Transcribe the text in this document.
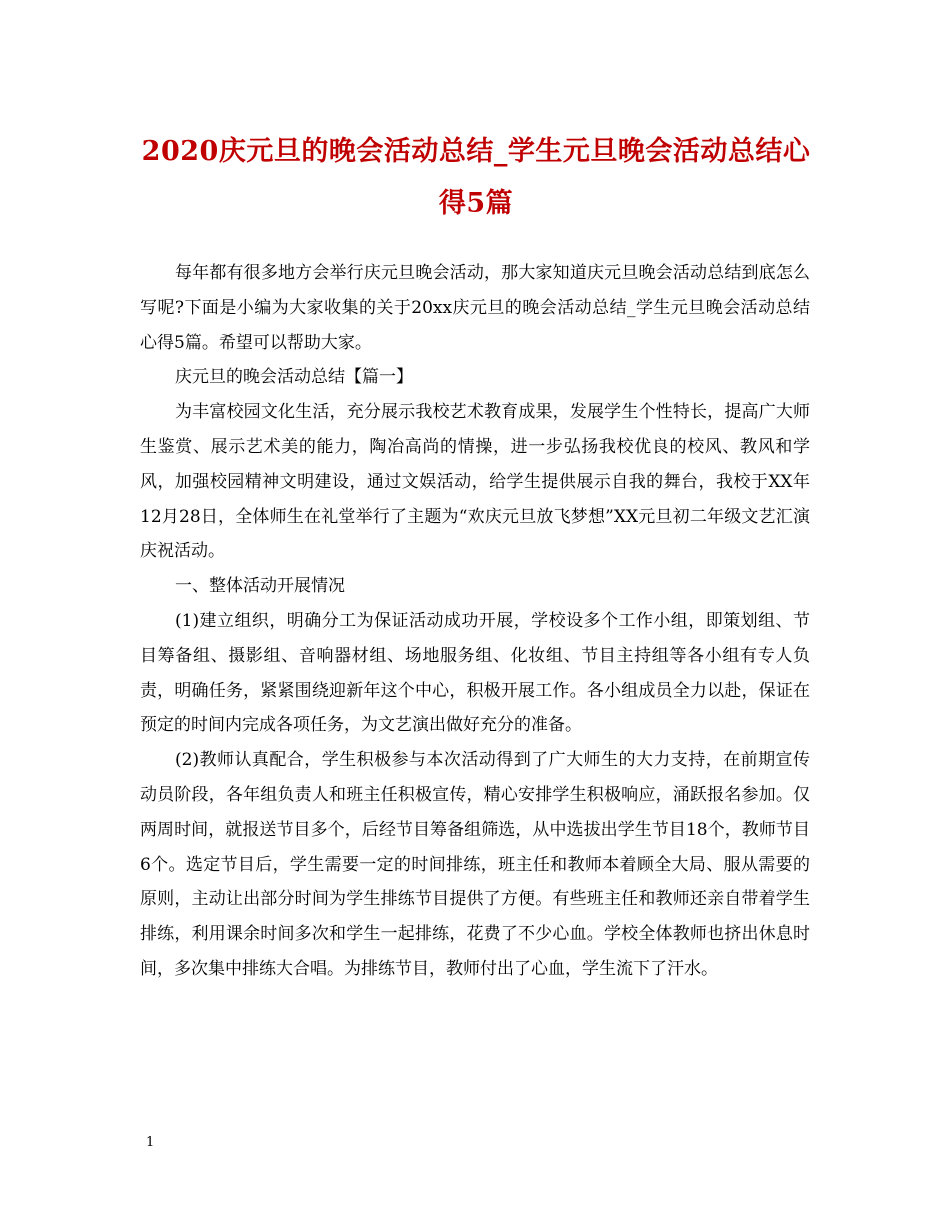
2020庆元旦的晚会活动总结_学生元旦晚会活动总结心得5篇

每年都有很多地方会举行庆元旦晚会活动，那大家知道庆元旦晚会活动总结到底怎么写呢?下面是小编为大家收集的关于20xx庆元旦的晚会活动总结_学生元旦晚会活动总结心得5篇。希望可以帮助大家。

庆元旦的晚会活动总结【篇一】

为丰富校园文化生活，充分展示我校艺术教育成果，发展学生个性特长，提高广大师生鉴赏、展示艺术美的能力，陶冶高尚的情操，进一步弘扬我校优良的校风、教风和学风，加强校园精神文明建设，通过文娱活动，给学生提供展示自我的舞台，我校于XX年12月28日，全体师生在礼堂举行了主题为“欢庆元旦放飞梦想”XX元旦初二年级文艺汇演庆祝活动。

一、整体活动开展情况

(1)建立组织，明确分工为保证活动成功开展，学校设多个工作小组，即策划组、节目筹备组、摄影组、音响器材组、场地服务组、化妆组、节目主持组等各小组有专人负责，明确任务，紧紧围绕迎新年这个中心，积极开展工作。各小组成员全力以赴，保证在预定的时间内完成各项任务，为文艺演出做好充分的准备。

(2)教师认真配合，学生积极参与本次活动得到了广大师生的大力支持，在前期宣传动员阶段，各年组负责人和班主任积极宣传，精心安排学生积极响应，涌跃报名参加。仅两周时间，就报送节目多个，后经节目筹备组筛选，从中选拔出学生节目18个，教师节目6个。选定节目后，学生需要一定的时间排练，班主任和教师本着顾全大局、服从需要的原则，主动让出部分时间为学生排练节目提供了方便。有些班主任和教师还亲自带着学生排练，利用课余时间多次和学生一起排练，花费了不少心血。学校全体教师也挤出休息时间，多次集中排练大合唱。为排练节目，教师付出了心血，学生流下了汗水。

1
